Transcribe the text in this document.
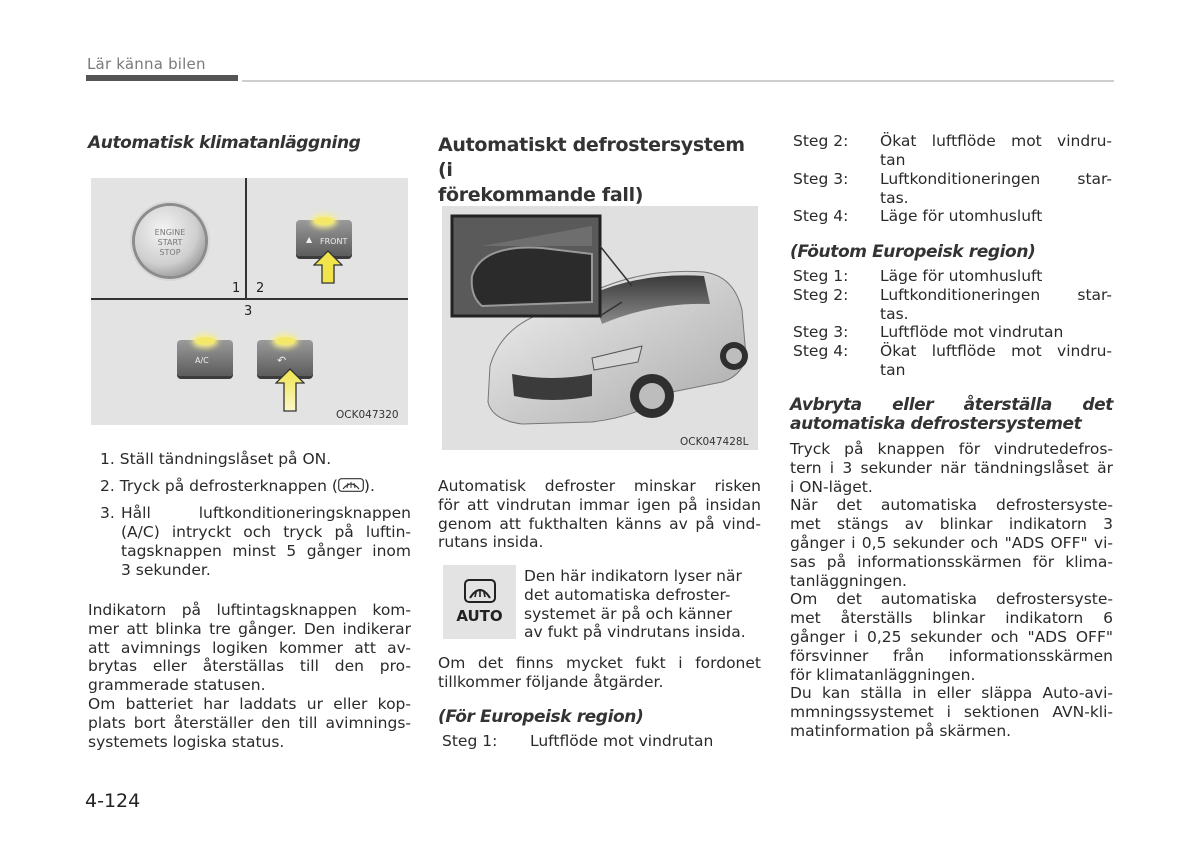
Lär känna bilen
Automatisk klimatanläggning
ENGINE
START
STOP
▲ FRONT
1 2
3
A/C	↶
OCK047320
1. Ställ tändningslåset på ON.
2. Tryck på defrosterknappen ( ).
3. Håll luftkonditioneringsknappen
(A/C) intryckt och tryck på luftin-
tagsknappen minst 5 gånger inom
3 sekunder.
Indikatorn på luftintagsknappen kom-
mer att blinka tre gånger. Den indikerar
att avimnings logiken kommer att av-
brytas eller återställas till den pro-
grammerade statusen.
Om batteriet har laddats ur eller kop-
plats bort återställer den till avimnings-
systemets logiska status.
Automatiskt defrostersystem (i
förekommande fall)
OCK047428L
Automatisk defroster minskar risken
för att vindrutan immar igen på insidan
genom att fukthalten känns av på vind-
rutans insida.
AUTO
Den här indikatorn lyser när
det automatiska defroster-
systemet är på och känner
av fukt på vindrutans insida.
Om det finns mycket fukt i fordonet
tillkommer följande åtgärder.
(För Europeisk region)
Steg 1: Luftflöde mot vindrutan
Steg 2: Ökat luftflöde mot vindru-
tan
Steg 3: Luftkonditioneringen star-
tas.
Steg 4: Läge för utomhusluft
(Föutom Europeisk region)
Steg 1: Läge för utomhusluft
Steg 2: Luftkonditioneringen star-
tas.
Steg 3: Luftflöde mot vindrutan
Steg 4: Ökat luftflöde mot vindru-
tan
Avbryta eller återställa det
automatiska defrostersystemet
Tryck på knappen för vindrutedefros-
tern i 3 sekunder när tändningslåset är
i ON-läget.
När det automatiska defrostersyste-
met stängs av blinkar indikatorn 3
gånger i 0,5 sekunder och "ADS OFF" vi-
sas på informationsskärmen för klima-
tanläggningen.
Om det automatiska defrostersyste-
met återställs blinkar indikatorn 6
gånger i 0,25 sekunder och "ADS OFF"
försvinner från informationsskärmen
för klimatanläggningen.
Du kan ställa in eller släppa Auto-avi-
mmningssystemet i sektionen AVN-kli-
matinformation på skärmen.
4-124
